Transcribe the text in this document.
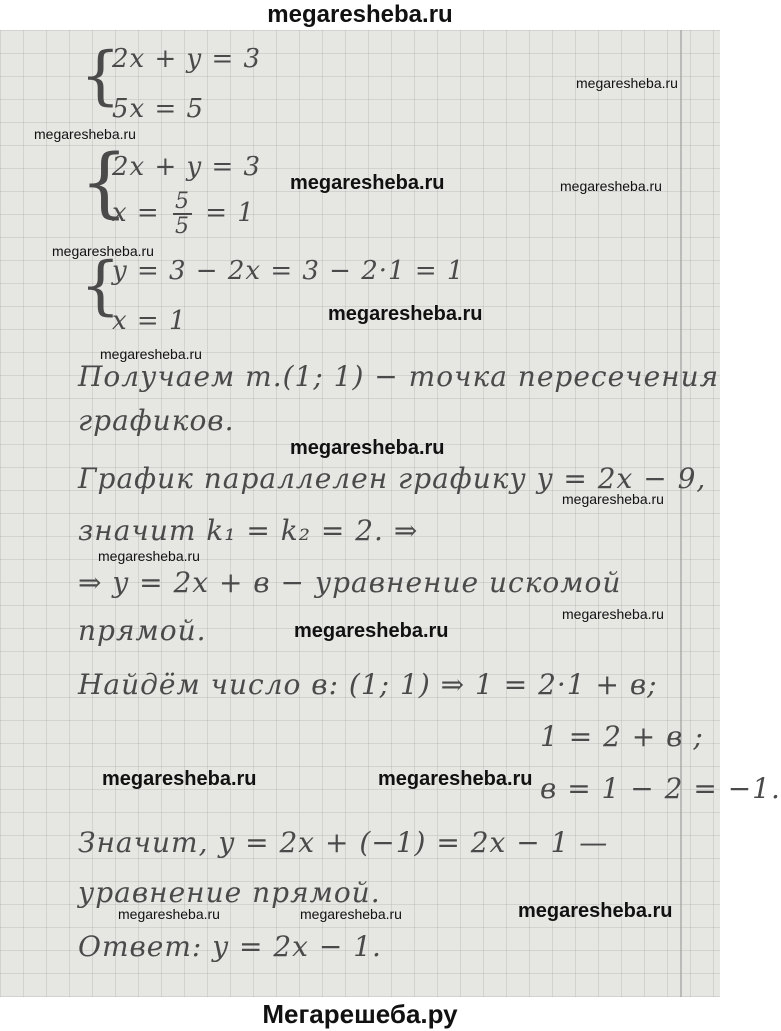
megaresheba.ru
{
2x + y = 3
5x = 5
{
2x + y = 3
$x = \frac{5}{5} = 1$
{
y = 3 − 2x = 3 − 2·1 = 1
x = 1
Получаем т.(1; 1) − точка пересечения
графиков.
График параллелен графику y = 2x − 9,
значит k₁ = k₂ = 2. ⇒
⇒ y = 2x + в − уравнение искомой
прямой.
Найдём число в: (1; 1) ⇒ 1 = 2·1 + в;
1 = 2 + в ;
в = 1 − 2 = −1.
Значит, y = 2x + (−1) = 2x − 1 —
уравнение прямой.
Ответ: y = 2x − 1.
megaresheba.ru
megaresheba.ru
megaresheba.ru	megaresheba.ru
megaresheba.ru
megaresheba.ru
megaresheba.ru
megaresheba.ru
megaresheba.ru
megaresheba.ru
megaresheba.ru
megaresheba.ru
megaresheba.ru	megaresheba.ru
megaresheba.ru	megaresheba.ru	megaresheba.ru
Мегарешеба.ру
